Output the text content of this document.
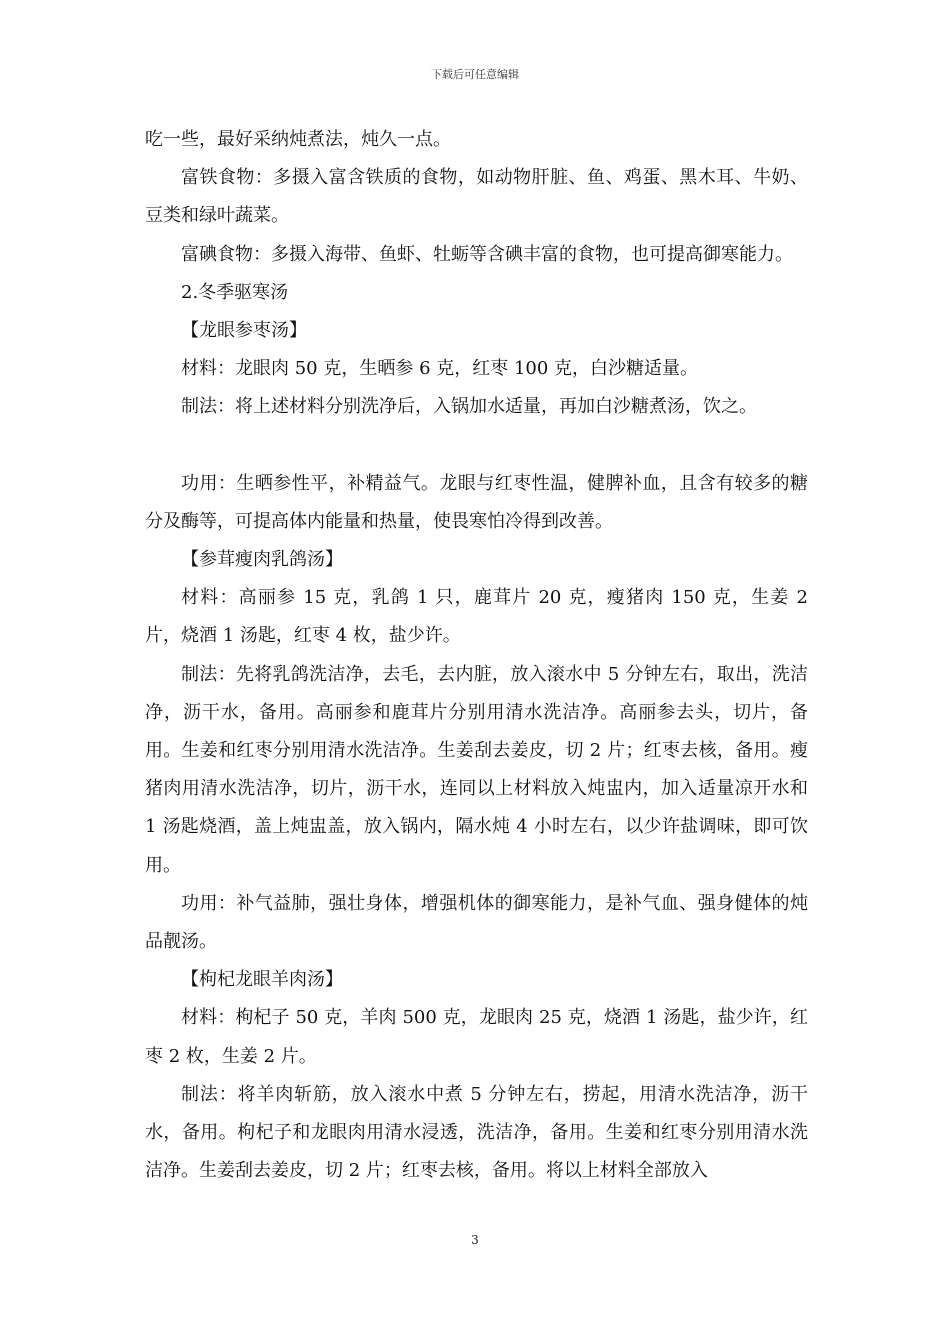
下载后可任意编辑

吃一些，最好采纳炖煮法，炖久一点。

富铁食物：多摄入富含铁质的食物，如动物肝脏、鱼、鸡蛋、黑木耳、牛奶、豆类和绿叶蔬菜。

富碘食物：多摄入海带、鱼虾、牡蛎等含碘丰富的食物，也可提高御寒能力。

2.冬季驱寒汤

【龙眼参枣汤】

材料：龙眼肉 50 克，生晒参 6 克，红枣 100 克，白沙糖适量。

制法：将上述材料分别洗净后，入锅加水适量，再加白沙糖煮汤，饮之。

功用：生晒参性平，补精益气。龙眼与红枣性温，健脾补血，且含有较多的糖分及酶等，可提高体内能量和热量，使畏寒怕冷得到改善。

【参茸瘦肉乳鸽汤】

材料：高丽参 15 克，乳鸽 1 只，鹿茸片 20 克，瘦猪肉 150 克，生姜 2 片，烧酒 1 汤匙，红枣 4 枚，盐少许。

制法：先将乳鸽洗洁净，去毛，去内脏，放入滚水中 5 分钟左右，取出，洗洁净，沥干水，备用。高丽参和鹿茸片分别用清水洗洁净。高丽参去头，切片，备用。生姜和红枣分别用清水洗洁净。生姜刮去姜皮，切 2 片；红枣去核，备用。瘦猪肉用清水洗洁净，切片，沥干水，连同以上材料放入炖盅内，加入适量凉开水和 1 汤匙烧酒，盖上炖盅盖，放入锅内，隔水炖 4 小时左右，以少许盐调味，即可饮用。

功用：补气益肺，强壮身体，增强机体的御寒能力，是补气血、强身健体的炖品靓汤。

【枸杞龙眼羊肉汤】

材料：枸杞子 50 克，羊肉 500 克，龙眼肉 25 克，烧酒 1 汤匙，盐少许，红枣 2 枚，生姜 2 片。

制法：将羊肉斩筋，放入滚水中煮 5 分钟左右，捞起，用清水洗洁净，沥干水，备用。枸杞子和龙眼肉用清水浸透，洗洁净，备用。生姜和红枣分别用清水洗洁净。生姜刮去姜皮，切 2 片；红枣去核，备用。将以上材料全部放入

3
